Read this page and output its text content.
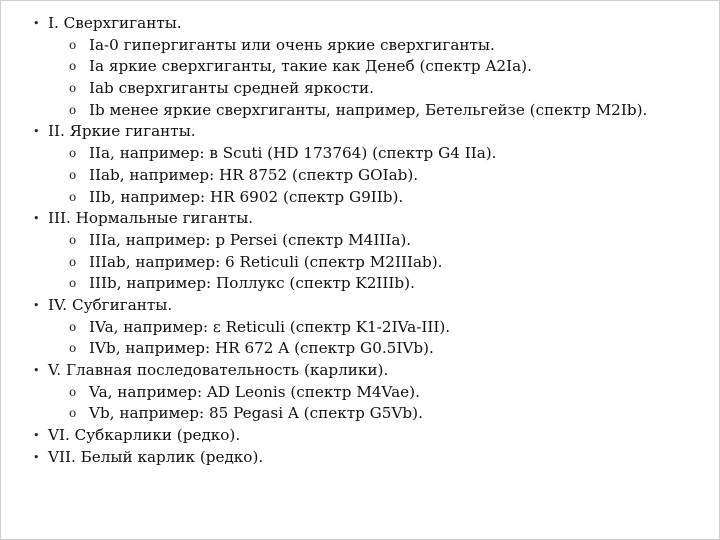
• I. Сверхгиганты.
o Ia-0 гипергиганты или очень яркие сверхгиганты.
o Ia яркие сверхгиганты, такие как Денеб (спектр A2Ia).
o Iab сверхгиганты средней яркости.
o Ib менее яркие сверхгиганты, например, Бетельгейзе (спектр M2Ib).
• II. Яркие гиганты.
o IIa, например: в Scuti (HD 173764) (спектр G4 IIa).
o IIab, например: HR 8752 (спектр GOIab).
o IIb, например: HR 6902 (спектр G9IIb).
• III. Нормальные гиганты.
o IIIa, например: р Persei (спектр M4IIIa).
o IIIab, например: 6 Reticuli (спектр M2IIIab).
o IIIb, например: Поллукс (спектр K2IIIb).
• IV. Субгиганты.
o IVa, например: ε Reticuli (спектр K1-2IVa-III).
o IVb, например: HR 672 A (спектр G0.5IVb).
• V. Главная последовательность (карлики).
o Va, например: AD Leonis (спектр M4Vae).
o Vb, например: 85 Pegasi A (спектр G5Vb).
• VI. Субкарлики (редко).
• VII. Белый карлик (редко).
